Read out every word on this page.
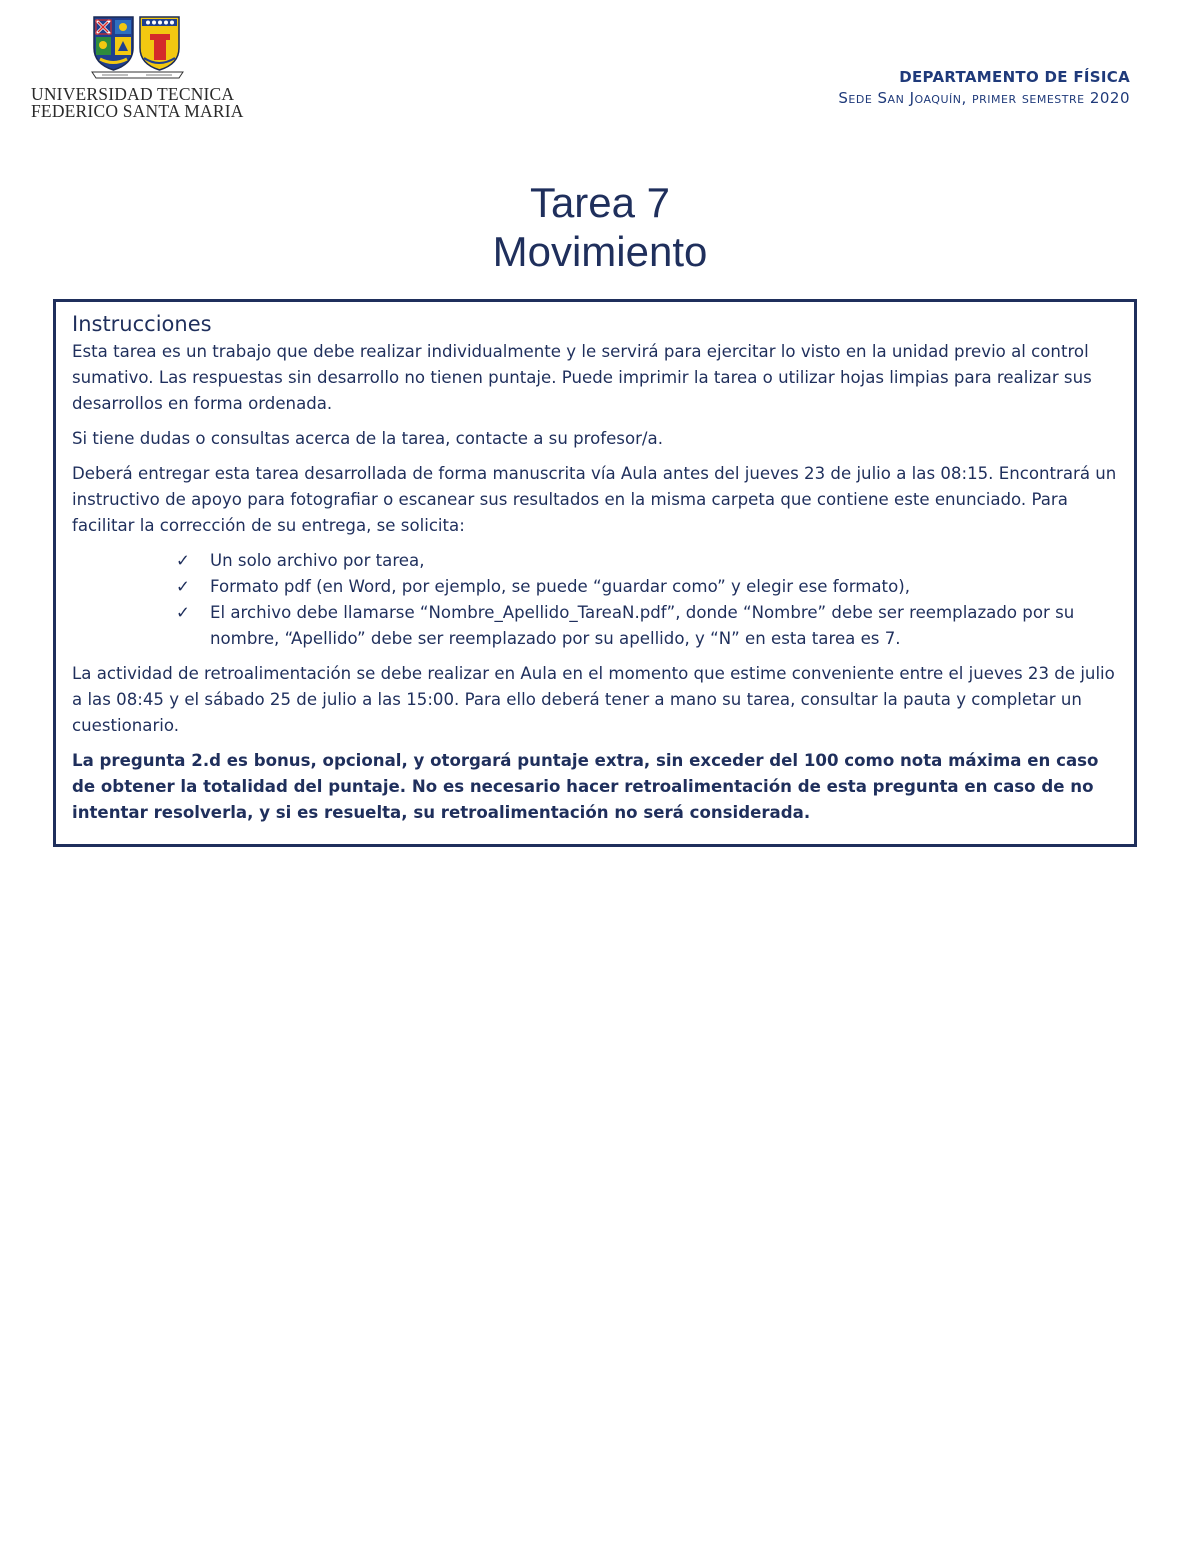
UNIVERSIDAD TECNICA
FEDERICO SANTA MARIA
DEPARTAMENTO DE FÍSICA
Sede San Joaquín, primer semestre 2020
Tarea 7
Movimiento
Instrucciones

Esta tarea es un trabajo que debe realizar individualmente y le servirá para ejercitar lo visto en la unidad previo al control sumativo. Las respuestas sin desarrollo no tienen puntaje. Puede imprimir la tarea o utilizar hojas limpias para realizar sus desarrollos en forma ordenada.

Si tiene dudas o consultas acerca de la tarea, contacte a su profesor/a.

Deberá entregar esta tarea desarrollada de forma manuscrita vía Aula antes del jueves 23 de julio a las 08:15. Encontrará un instructivo de apoyo para fotografiar o escanear sus resultados en la misma carpeta que contiene este enunciado. Para facilitar la corrección de su entrega, se solicita:

✓ Un solo archivo por tarea,
✓ Formato pdf (en Word, por ejemplo, se puede “guardar como” y elegir ese formato),
✓ El archivo debe llamarse “Nombre_Apellido_TareaN.pdf”, donde “Nombre” debe ser reemplazado por su nombre, “Apellido” debe ser reemplazado por su apellido, y “N” en esta tarea es 7.

La actividad de retroalimentación se debe realizar en Aula en el momento que estime conveniente entre el jueves 23 de julio a las 08:45 y el sábado 25 de julio a las 15:00. Para ello deberá tener a mano su tarea, consultar la pauta y completar un cuestionario.

La pregunta 2.d es bonus, opcional, y otorgará puntaje extra, sin exceder del 100 como nota máxima en caso de obtener la totalidad del puntaje. No es necesario hacer retroalimentación de esta pregunta en caso de no intentar resolverla, y si es resuelta, su retroalimentación no será considerada.
